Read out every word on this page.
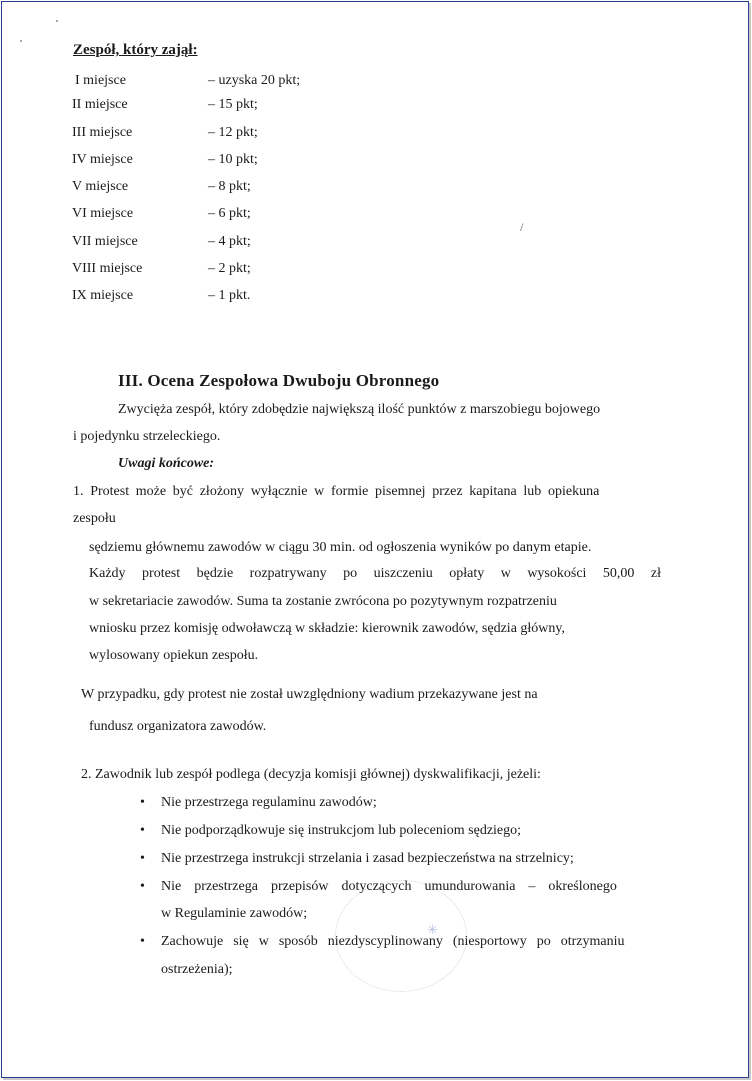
/
✳
Zespół, który zajął:
I miejsce	– uzyska 20 pkt;
II miejsce	– 15 pkt;
III miejsce	– 12 pkt;
IV miejsce	– 10 pkt;
V miejsce	– 8 pkt;
VI miejsce	– 6 pkt;
VII miejsce	– 4 pkt;
VIII miejsce	– 2 pkt;
IX miejsce	– 1 pkt.
III. Ocena Zespołowa Dwuboju Obronnego
Zwycięża zespół, który zdobędzie największą ilość punktów z marszobiegu bojowego
i pojedynku strzeleckiego.
Uwagi końcowe:
1. Protest może być złożony wyłącznie w formie pisemnej przez kapitana lub opiekuna
zespołu
sędziemu głównemu zawodów w ciągu 30 min. od ogłoszenia wyników po danym etapie.
Każdy protest będzie rozpatrywany po uiszczeniu opłaty w wysokości 50,00 zł
w sekretariacie zawodów. Suma ta zostanie zwrócona po pozytywnym rozpatrzeniu
wniosku przez komisję odwoławczą w składzie: kierownik zawodów, sędzia główny,
wylosowany opiekun zespołu.
W przypadku, gdy protest nie został uwzględniony wadium przekazywane jest na
fundusz organizatora zawodów.
2. Zawodnik lub zespół podlega (decyzja komisji głównej) dyskwalifikacji, jeżeli:
• Nie przestrzega regulaminu zawodów;
• Nie podporządkowuje się instrukcjom lub poleceniom sędziego;
• Nie przestrzega instrukcji strzelania i zasad bezpieczeństwa na strzelnicy;
• Nie przestrzega przepisów dotyczących umundurowania – określonego
w Regulaminie zawodów;
• Zachowuje się w sposób niezdyscyplinowany (niesportowy po otrzymaniu
ostrzeżenia);
